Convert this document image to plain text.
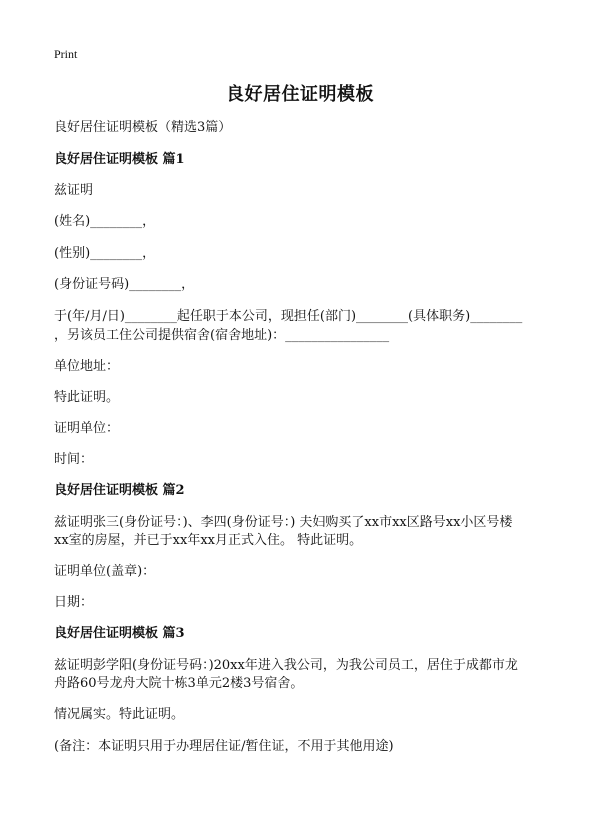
Print
良好居住证明模板
良好居住证明模板（精选3篇）
良好居住证明模板 篇1
兹证明
(姓名)________，
(性别)________，
(身份证号码)________，
于(年/月/日)________起任职于本公司，现担任(部门)________(具体职务)________
，另该员工住公司提供宿舍(宿舍地址)：________________
单位地址：
特此证明。
证明单位：
时间：
良好居住证明模板 篇2
兹证明张三(身份证号：)、李四(身份证号：) 夫妇购买了xx市xx区路号xx小区号楼
xx室的房屋，并已于xx年xx月正式入住。 特此证明。
证明单位(盖章)：
日期：
良好居住证明模板 篇3
兹证明彭学阳(身份证号码：)20xx年进入我公司，为我公司员工，居住于成都市龙
舟路60号龙舟大院十栋3单元2楼3号宿舍。
情况属实。特此证明。
(备注：本证明只用于办理居住证/暂住证，不用于其他用途)
